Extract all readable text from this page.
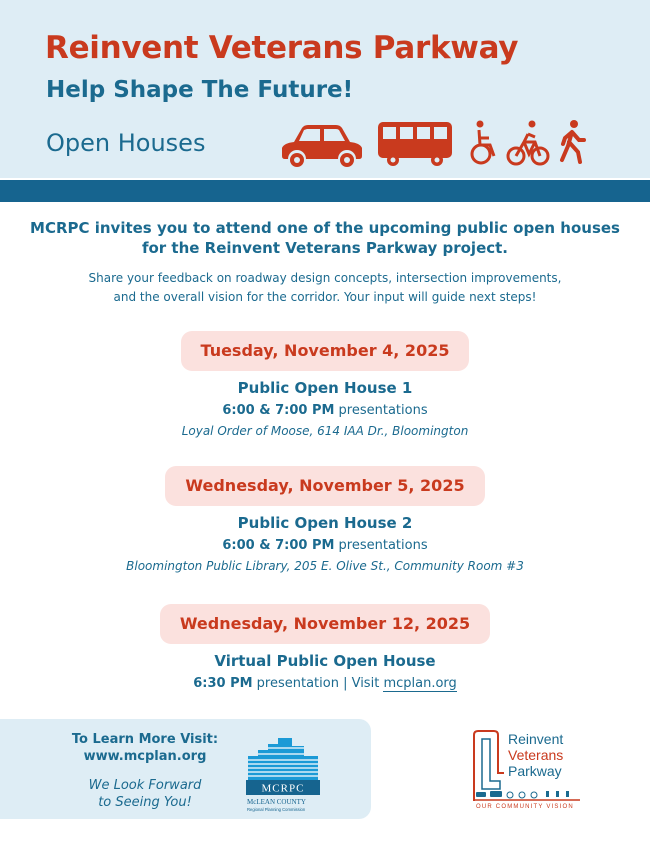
Reinvent Veterans Parkway
Help Shape The Future!
Open Houses
MCRPC invites you to attend one of the upcoming public open houses
for the Reinvent Veterans Parkway project.
Share your feedback on roadway design concepts, intersection improvements,
and the overall vision for the corridor. Your input will guide next steps!
Tuesday, November 4, 2025
Public Open House 1
6:00 & 7:00 PM presentations
Loyal Order of Moose, 614 IAA Dr., Bloomington
Wednesday, November 5, 2025
Public Open House 2
6:00 & 7:00 PM presentations
Bloomington Public Library, 205 E. Olive St., Community Room #3
Wednesday, November 12, 2025
Virtual Public Open House
6:30 PM presentation | Visit mcplan.org
To Learn More Visit:
www.mcplan.org
We Look Forward
to Seeing You!
MCRPC
McLEAN COUNTY
Regional Planning Commission
Reinvent
Veterans
Parkway
OUR COMMUNITY VISION
